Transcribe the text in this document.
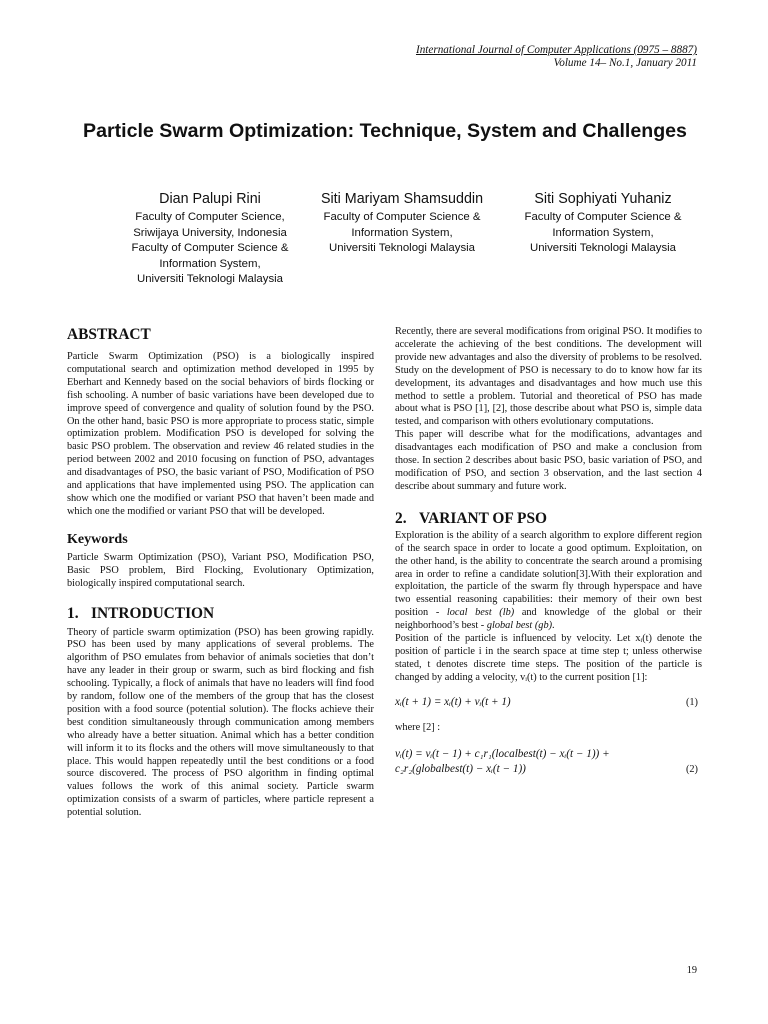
International Journal of Computer Applications (0975 – 8887)
Volume 14– No.1, January 2011
Particle Swarm Optimization: Technique, System and Challenges
Dian Palupi Rini
Faculty of Computer Science,
Sriwijaya University, Indonesia
Faculty of Computer Science &
Information System,
Universiti Teknologi Malaysia
Siti Mariyam Shamsuddin
Faculty of Computer Science &
Information System,
Universiti Teknologi Malaysia
Siti Sophiyati Yuhaniz
Faculty of Computer Science &
Information System,
Universiti Teknologi Malaysia
ABSTRACT

Particle Swarm Optimization (PSO) is a biologically inspired computational search and optimization method developed in 1995 by Eberhart and Kennedy based on the social behaviors of birds flocking or fish schooling. A number of basic variations have been developed due to improve speed of convergence and quality of solution found by the PSO. On the other hand, basic PSO is more appropriate to process static, simple optimization problem. Modification PSO is developed for solving the basic PSO problem. The observation and review 46 related studies in the period between 2002 and 2010 focusing on function of PSO, advantages and disadvantages of PSO, the basic variant of PSO, Modification of PSO and applications that have implemented using PSO. The application can show which one the modified or variant PSO that haven’t been made and which one the modified or variant PSO that will be developed.

Keywords

Particle Swarm Optimization (PSO), Variant PSO, Modification PSO, Basic PSO problem, Bird Flocking, Evolutionary Optimization, biologically inspired computational search.

1. INTRODUCTION

Theory of particle swarm optimization (PSO) has been growing rapidly. PSO has been used by many applications of several problems. The algorithm of PSO emulates from behavior of animals societies that don’t have any leader in their group or swarm, such as bird flocking and fish schooling. Typically, a flock of animals that have no leaders will find food by random, follow one of the members of the group that has the closest position with a food source (potential solution). The flocks achieve their best condition simultaneously through communication among members who already have a better situation. Animal which has a better condition will inform it to its flocks and the others will move simultaneously to that place. This would happen repeatedly until the best conditions or a food source discovered. The process of PSO algorithm in finding optimal values follows the work of this animal society. Particle swarm optimization consists of a swarm of particles, where particle represent a potential solution.

Recently, there are several modifications from original PSO. It modifies to accelerate the achieving of the best conditions. The development will provide new advantages and also the diversity of problems to be resolved. Study on the development of PSO is necessary to do to know how far its development, its advantages and disadvantages and how much use this method to settle a problem. Tutorial and theoretical of PSO has made about what is PSO [1], [2], those describe about what PSO is, simple data tested, and comparison with others evolutionary computations.

This paper will describe what for the modifications, advantages and disadvantages each modification of PSO and make a conclusion from those. In section 2 describes about basic PSO, basic variation of PSO, and modification of PSO, and section 3 observation, and the last section 4 describe about summary and future work.

2. VARIANT OF PSO

Exploration is the ability of a search algorithm to explore different region of the search space in order to locate a good optimum. Exploitation, on the other hand, is the ability to concentrate the search around a promising area in order to refine a candidate solution[3].With their exploration and exploitation, the particle of the swarm fly through hyperspace and have two essential reasoning capabilities: their memory of their own best position - local best (lb) and knowledge of the global or their neighborhood’s best - global best (gb).

Position of the particle is influenced by velocity. Let xᵢ(t) denote the position of particle i in the search space at time step t; unless otherwise stated, t denotes discrete time steps. The position of the particle is changed by adding a velocity, vᵢ(t) to the current position [1]:

xᵢ(t + 1) = xᵢ(t) + vᵢ(t + 1)	(1)

where [2] :

vᵢ(t) = vᵢ(t − 1) + c₁r₁(localbest(t) − xᵢ(t − 1)) +
c₂r₂(globalbest(t) − xᵢ(t − 1))	(2)
19
